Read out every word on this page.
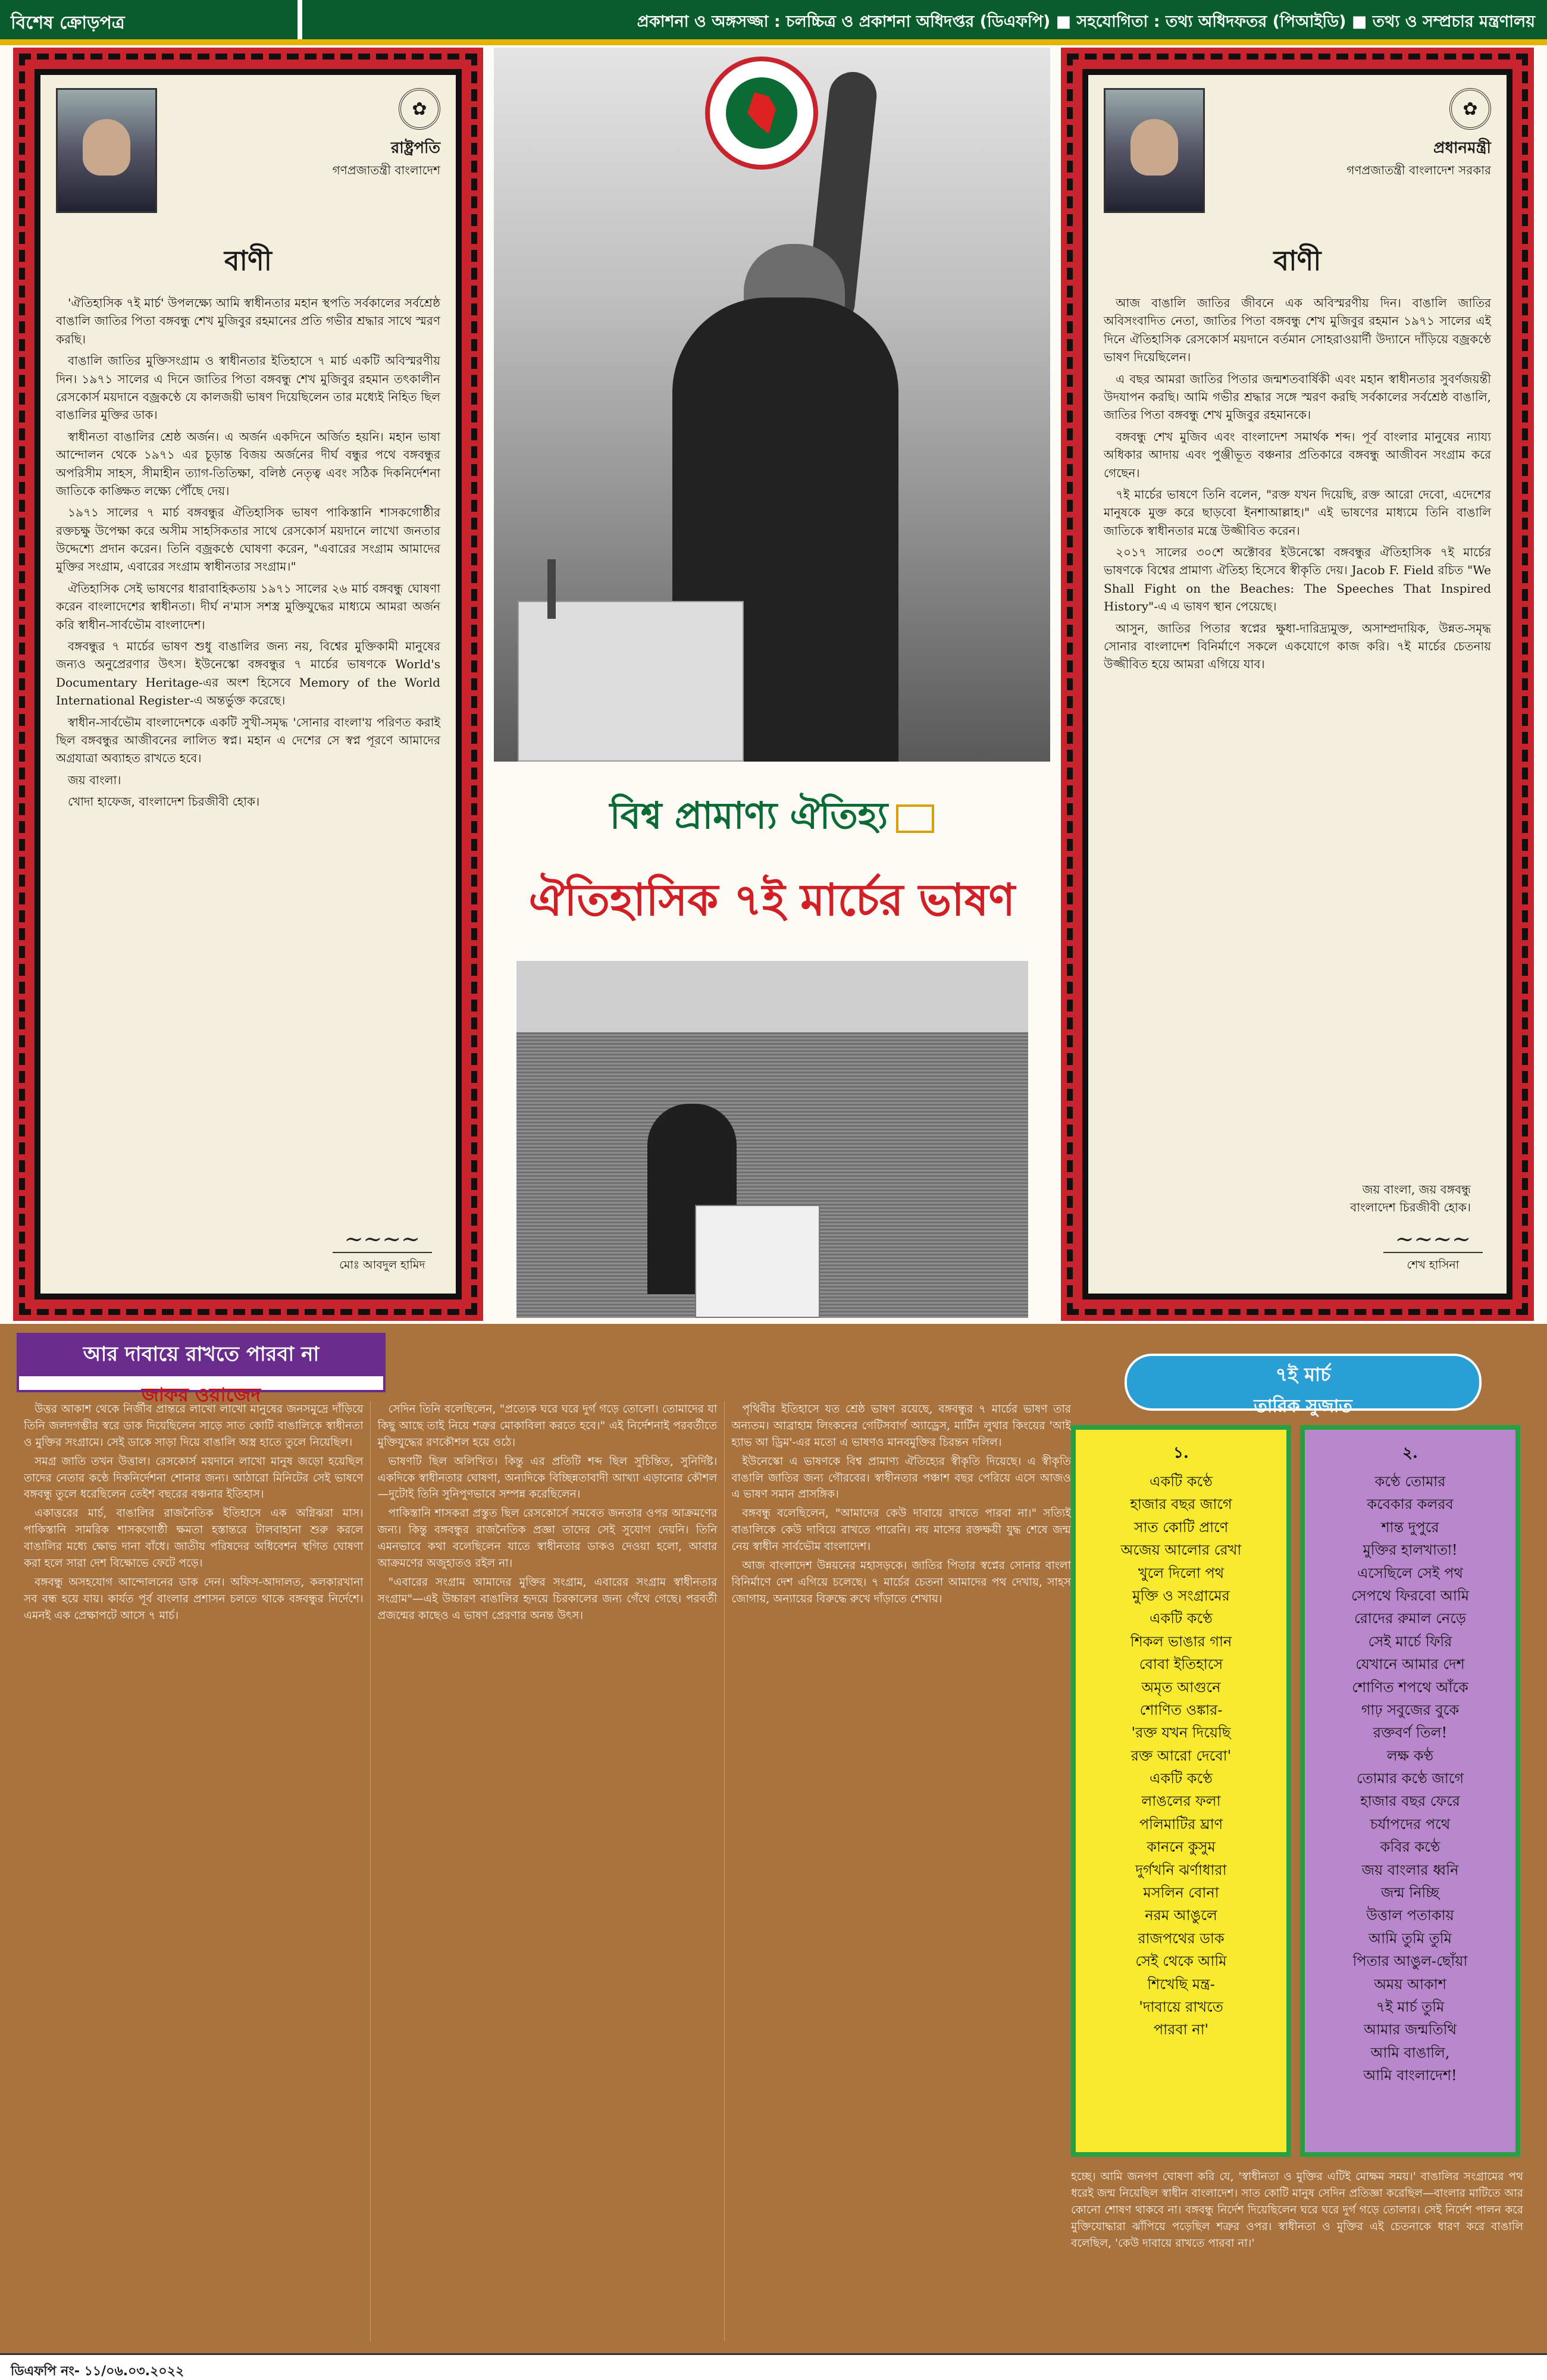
বিশেষ ক্রোড়পত্র	প্রকাশনা ও অঙ্গসজ্জা : চলচ্চিত্র ও প্রকাশনা অধিদপ্তর (ডিএফপি) ■ সহযোগিতা : তথ্য অধিদফতর (পিআইডি) ■ তথ্য ও সম্প্রচার মন্ত্রণালয়
✿
রাষ্ট্রপতি
গণপ্রজাতন্ত্রী বাংলাদেশ
বাণী

'ঐতিহাসিক ৭ই মার্চ' উপলক্ষ্যে আমি স্বাধীনতার মহান স্থপতি সর্বকালের সর্বশ্রেষ্ঠ বাঙালি জাতির পিতা বঙ্গবন্ধু শেখ মুজিবুর রহমানের প্রতি গভীর শ্রদ্ধার সাথে স্মরণ করছি।

বাঙালি জাতির মুক্তিসংগ্রাম ও স্বাধীনতার ইতিহাসে ৭ মার্চ একটি অবিস্মরণীয় দিন। ১৯৭১ সালের এ দিনে জাতির পিতা বঙ্গবন্ধু শেখ মুজিবুর রহমান তৎকালীন রেসকোর্স ময়দানে বজ্রকণ্ঠে যে কালজয়ী ভাষণ দিয়েছিলেন তার মধ্যেই নিহিত ছিল বাঙালির মুক্তির ডাক।

স্বাধীনতা বাঙালির শ্রেষ্ঠ অর্জন। এ অর্জন একদিনে অর্জিত হয়নি। মহান ভাষা আন্দোলন থেকে ১৯৭১ এর চূড়ান্ত বিজয় অর্জনের দীর্ঘ বন্ধুর পথে বঙ্গবন্ধুর অপরিসীম সাহস, সীমাহীন ত্যাগ-তিতিক্ষা, বলিষ্ঠ নেতৃত্ব এবং সঠিক দিকনির্দেশনা জাতিকে কাঙ্ক্ষিত লক্ষ্যে পৌঁছে দেয়।

১৯৭১ সালের ৭ মার্চ বঙ্গবন্ধুর ঐতিহাসিক ভাষণ পাকিস্তানি শাসকগোষ্ঠীর রক্তচক্ষু উপেক্ষা করে অসীম সাহসিকতার সাথে রেসকোর্স ময়দানে লাখো জনতার উদ্দেশ্যে প্রদান করেন। তিনি বজ্রকণ্ঠে ঘোষণা করেন, "এবারের সংগ্রাম আমাদের মুক্তির সংগ্রাম, এবারের সংগ্রাম স্বাধীনতার সংগ্রাম।"

ঐতিহাসিক সেই ভাষণের ধারাবাহিকতায় ১৯৭১ সালের ২৬ মার্চ বঙ্গবন্ধু ঘোষণা করেন বাংলাদেশের স্বাধীনতা। দীর্ঘ ন'মাস সশস্ত্র মুক্তিযুদ্ধের মাধ্যমে আমরা অর্জন করি স্বাধীন-সার্বভৌম বাংলাদেশ।

বঙ্গবন্ধুর ৭ মার্চের ভাষণ শুধু বাঙালির জন্য নয়, বিশ্বের মুক্তিকামী মানুষের জন্যও অনুপ্রেরণার উৎস। ইউনেস্কো বঙ্গবন্ধুর ৭ মার্চের ভাষণকে World's Documentary Heritage-এর অংশ হিসেবে Memory of the World International Register-এ অন্তর্ভুক্ত করেছে।

স্বাধীন-সার্বভৌম বাংলাদেশকে একটি সুখী-সমৃদ্ধ 'সোনার বাংলা'য় পরিণত করাই ছিল বঙ্গবন্ধুর আজীবনের লালিত স্বপ্ন। মহান এ দেশের সে স্বপ্ন পূরণে আমাদের অগ্রযাত্রা অব্যাহত রাখতে হবে।

জয় বাংলা।

খোদা হাফেজ, বাংলাদেশ চিরজীবী হোক।

~~~~
মোঃ আবদুল হামিদ
বিশ্ব প্রামাণ্য ঐতিহ্য
ঐতিহাসিক ৭ই মার্চের ভাষণ
✿
প্রধানমন্ত্রী
গণপ্রজাতন্ত্রী বাংলাদেশ সরকার
বাণী

আজ বাঙালি জাতির জীবনে এক অবিস্মরণীয় দিন। বাঙালি জাতির অবিসংবাদিত নেতা, জাতির পিতা বঙ্গবন্ধু শেখ মুজিবুর রহমান ১৯৭১ সালের এই দিনে ঐতিহাসিক রেসকোর্স ময়দানে বর্তমান সোহরাওয়ার্দী উদ্যানে দাঁড়িয়ে বজ্রকণ্ঠে ভাষণ দিয়েছিলেন।

এ বছর আমরা জাতির পিতার জন্মশতবার্ষিকী এবং মহান স্বাধীনতার সুবর্ণজয়ন্তী উদযাপন করছি। আমি গভীর শ্রদ্ধার সঙ্গে স্মরণ করছি সর্বকালের সর্বশ্রেষ্ঠ বাঙালি, জাতির পিতা বঙ্গবন্ধু শেখ মুজিবুর রহমানকে।

বঙ্গবন্ধু শেখ মুজিব এবং বাংলাদেশ সমার্থক শব্দ। পূর্ব বাংলার মানুষের ন্যায্য অধিকার আদায় এবং পুঞ্জীভূত বঞ্চনার প্রতিকারে বঙ্গবন্ধু আজীবন সংগ্রাম করে গেছেন।

৭ই মার্চের ভাষণে তিনি বলেন, "রক্ত যখন দিয়েছি, রক্ত আরো দেবো, এদেশের মানুষকে মুক্ত করে ছাড়বো ইনশাআল্লাহ।" এই ভাষণের মাধ্যমে তিনি বাঙালি জাতিকে স্বাধীনতার মন্ত্রে উজ্জীবিত করেন।

২০১৭ সালের ৩০শে অক্টোবর ইউনেস্কো বঙ্গবন্ধুর ঐতিহাসিক ৭ই মার্চের ভাষণকে বিশ্বের প্রামাণ্য ঐতিহ্য হিসেবে স্বীকৃতি দেয়। Jacob F. Field রচিত "We Shall Fight on the Beaches: The Speeches That Inspired History"-এ এ ভাষণ স্থান পেয়েছে।

আসুন, জাতির পিতার স্বপ্নের ক্ষুধা-দারিদ্র্যমুক্ত, অসাম্প্রদায়িক, উন্নত-সমৃদ্ধ সোনার বাংলাদেশ বিনির্মাণে সকলে একযোগে কাজ করি। ৭ই মার্চের চেতনায় উজ্জীবিত হয়ে আমরা এগিয়ে যাব।

জয় বাংলা, জয় বঙ্গবন্ধু
বাংলাদেশ চিরজীবী হোক।
~~~~
শেখ হাসিনা
আর দাবায়ে রাখতে পারবা না
জাফর ওয়াজেদ

উত্তর আকাশ থেকে নির্জীব প্রান্তরে লাখো লাখো মানুষের জনসমুদ্রে দাঁড়িয়ে তিনি জলদগম্ভীর স্বরে ডাক দিয়েছিলেন সাড়ে সাত কোটি বাঙালিকে স্বাধীনতা ও মুক্তির সংগ্রামে। সেই ডাকে সাড়া দিয়ে বাঙালি অস্ত্র হাতে তুলে নিয়েছিল।

সমগ্র জাতি তখন উত্তাল। রেসকোর্স ময়দানে লাখো মানুষ জড়ো হয়েছিল তাদের নেতার কণ্ঠে দিকনির্দেশনা শোনার জন্য। আঠারো মিনিটের সেই ভাষণে বঙ্গবন্ধু তুলে ধরেছিলেন তেইশ বছরের বঞ্চনার ইতিহাস।

একাত্তরের মার্চ, বাঙালির রাজনৈতিক ইতিহাসে এক অগ্নিঝরা মাস। পাকিস্তানি সামরিক শাসকগোষ্ঠী ক্ষমতা হস্তান্তরে টালবাহানা শুরু করলে বাঙালির মধ্যে ক্ষোভ দানা বাঁধে। জাতীয় পরিষদের অধিবেশন স্থগিত ঘোষণা করা হলে সারা দেশ বিক্ষোভে ফেটে পড়ে।

বঙ্গবন্ধু অসহযোগ আন্দোলনের ডাক দেন। অফিস-আদালত, কলকারখানা সব বন্ধ হয়ে যায়। কার্যত পূর্ব বাংলার প্রশাসন চলতে থাকে বঙ্গবন্ধুর নির্দেশে। এমনই এক প্রেক্ষাপটে আসে ৭ মার্চ।

সেদিন তিনি বলেছিলেন, "প্রত্যেক ঘরে ঘরে দুর্গ গড়ে তোলো। তোমাদের যা কিছু আছে তাই নিয়ে শত্রুর মোকাবিলা করতে হবে।" এই নির্দেশনাই পরবর্তীতে মুক্তিযুদ্ধের রণকৌশল হয়ে ওঠে।

ভাষণটি ছিল অলিখিত। কিন্তু এর প্রতিটি শব্দ ছিল সুচিন্তিত, সুনির্দিষ্ট। একদিকে স্বাধীনতার ঘোষণা, অন্যদিকে বিচ্ছিন্নতাবাদী আখ্যা এড়ানোর কৌশল—দুটোই তিনি সুনিপুণভাবে সম্পন্ন করেছিলেন।

পাকিস্তানি শাসকরা প্রস্তুত ছিল রেসকোর্সে সমবেত জনতার ওপর আক্রমণের জন্য। কিন্তু বঙ্গবন্ধুর রাজনৈতিক প্রজ্ঞা তাদের সেই সুযোগ দেয়নি। তিনি এমনভাবে কথা বলেছিলেন যাতে স্বাধীনতার ডাকও দেওয়া হলো, আবার আক্রমণের অজুহাতও রইল না।

"এবারের সংগ্রাম আমাদের মুক্তির সংগ্রাম, এবারের সংগ্রাম স্বাধীনতার সংগ্রাম"—এই উচ্চারণ বাঙালির হৃদয়ে চিরকালের জন্য গেঁথে গেছে। পরবর্তী প্রজন্মের কাছেও এ ভাষণ প্রেরণার অনন্ত উৎস।

পৃথিবীর ইতিহাসে যত শ্রেষ্ঠ ভাষণ রয়েছে, বঙ্গবন্ধুর ৭ মার্চের ভাষণ তার অন্যতম। আব্রাহাম লিংকনের গেটিসবার্গ অ্যাড্রেস, মার্টিন লুথার কিংয়ের 'আই হ্যাভ আ ড্রিম'-এর মতো এ ভাষণও মানবমুক্তির চিরন্তন দলিল।

ইউনেস্কো এ ভাষণকে বিশ্ব প্রামাণ্য ঐতিহ্যের স্বীকৃতি দিয়েছে। এ স্বীকৃতি বাঙালি জাতির জন্য গৌরবের। স্বাধীনতার পঞ্চাশ বছর পেরিয়ে এসে আজও এ ভাষণ সমান প্রাসঙ্গিক।

বঙ্গবন্ধু বলেছিলেন, "আমাদের কেউ দাবায়ে রাখতে পারবা না।" সত্যিই বাঙালিকে কেউ দাবিয়ে রাখতে পারেনি। নয় মাসের রক্তক্ষয়ী যুদ্ধ শেষে জন্ম নেয় স্বাধীন সার্বভৌম বাংলাদেশ।

আজ বাংলাদেশ উন্নয়নের মহাসড়কে। জাতির পিতার স্বপ্নের সোনার বাংলা বিনির্মাণে দেশ এগিয়ে চলেছে। ৭ মার্চের চেতনা আমাদের পথ দেখায়, সাহস জোগায়, অন্যায়ের বিরুদ্ধে রুখে দাঁড়াতে শেখায়।

৭ই মার্চ
তারিক সুজাত
১.
একটি কণ্ঠে
হাজার বছর জাগে
সাত কোটি প্রাণে
অজেয় আলোর রেখা
খুলে দিলো পথ
মুক্তি ও সংগ্রামের
একটি কণ্ঠে
শিকল ভাঙার গান
বোবা ইতিহাসে
অমৃত আগুনে
শোণিত ওঙ্কার-
'রক্ত যখন দিয়েছি
রক্ত আরো দেবো'
একটি কণ্ঠে
লাঙলের ফলা
পলিমাটির ঘ্রাণ
কাননে কুসুম
দুর্গখনি ঝর্ণাধারা
মসলিন বোনা
নরম আঙুলে
রাজপথের ডাক
সেই থেকে আমি
শিখেছি মন্ত্র-
'দাবায়ে রাখতে
পারবা না'
২.
কণ্ঠে তোমার
কবেকার কলরব
শান্ত দুপুরে
মুক্তির হালখাতা!
এসেছিলে সেই পথ
সেপথে ফিরবো আমি
রোদের রুমাল নেড়ে
সেই মার্চে ফিরি
যেখানে আমার দেশ
শোণিত শপথে আঁকে
গাঢ় সবুজের বুকে
রক্তবর্ণ তিল!
লক্ষ কণ্ঠ
তোমার কণ্ঠে জাগে
হাজার বছর ফেরে
চর্যাপদের পথে
কবির কণ্ঠে
জয় বাংলার ধ্বনি
জন্ম নিচ্ছি
উত্তাল পতাকায়
আমি তুমি তুমি
পিতার আঙুল-ছোঁয়া
অময় আকাশ
৭ই মার্চ তুমি
আমার জন্মতিথি
আমি বাঙালি,
আমি বাংলাদেশ!
হচ্ছে। আমি জনগণ ঘোষণা করি যে, 'স্বাধীনতা ও মুক্তির এটিই মোক্ষম সময়।' বাঙালির সংগ্রামের পথ ধরেই জন্ম নিয়েছিল স্বাধীন বাংলাদেশ। সাত কোটি মানুষ সেদিন প্রতিজ্ঞা করেছিল—বাংলার মাটিতে আর কোনো শোষণ থাকবে না। বঙ্গবন্ধু নির্দেশ দিয়েছিলেন ঘরে ঘরে দুর্গ গড়ে তোলার। সেই নির্দেশ পালন করে মুক্তিযোদ্ধারা ঝাঁপিয়ে পড়েছিল শত্রুর ওপর। স্বাধীনতা ও মুক্তির এই চেতনাকে ধারণ করে বাঙালি বলেছিল, 'কেউ দাবায়ে রাখতে পারবা না।'
ডিএফপি নং- ১১/০৬.০৩.২০২২
